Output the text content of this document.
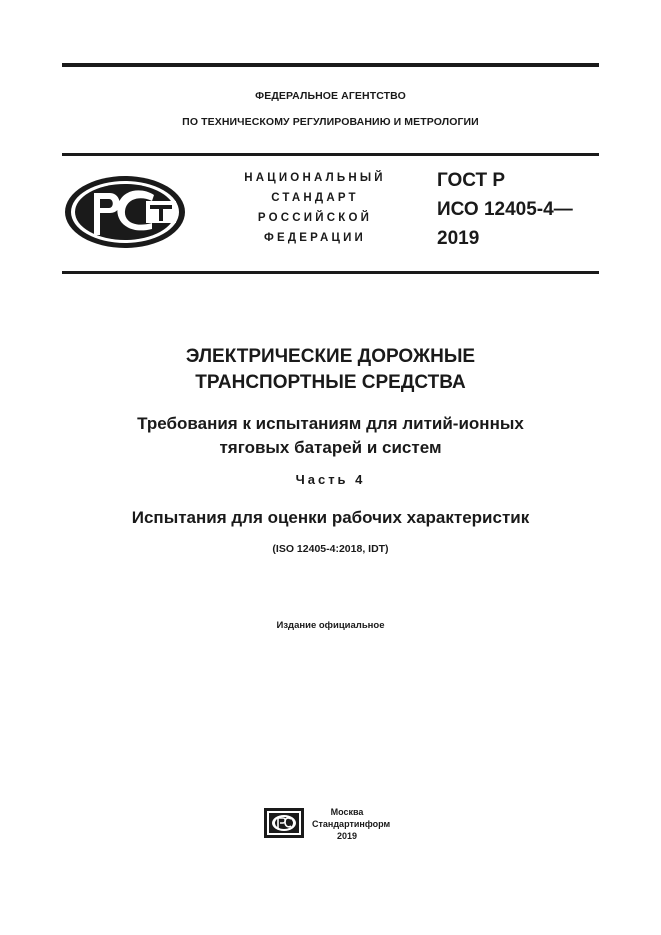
ФЕДЕРАЛЬНОЕ АГЕНТСТВО
ПО ТЕХНИЧЕСКОМУ РЕГУЛИРОВАНИЮ И МЕТРОЛОГИИ
НАЦИОНАЛЬНЫЙ
СТАНДАРТ
РОССИЙСКОЙ
ФЕДЕРАЦИИ
ГОСТ Р
ИСО 12405-4—
2019
ЭЛЕКТРИЧЕСКИЕ ДОРОЖНЫЕ
ТРАНСПОРТНЫЕ СРЕДСТВА
Требования к испытаниям для литий-ионных
тяговых батарей и систем
Часть 4
Испытания для оценки рабочих характеристик
(ISO 12405-4:2018, IDT)
Издание официальное
Москва
Стандартинформ
2019
